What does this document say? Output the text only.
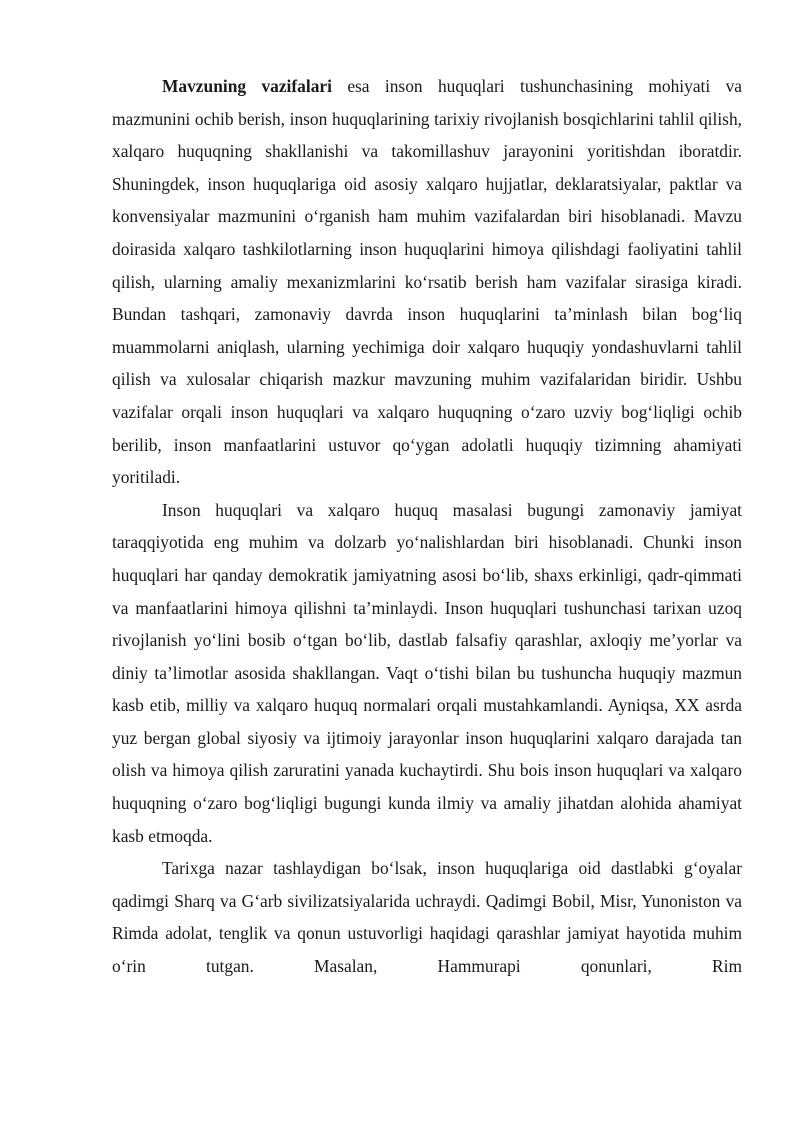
Mavzuning vazifalari esa inson huquqlari tushunchasining mohiyati va mazmunini ochib berish, inson huquqlarining tarixiy rivojlanish bosqichlarini tahlil qilish, xalqaro huquqning shakllanishi va takomillashuv jarayonini yoritishdan iboratdir. Shuningdek, inson huquqlariga oid asosiy xalqaro hujjatlar, deklaratsiyalar, paktlar va konvensiyalar mazmunini o‘rganish ham muhim vazifalardan biri hisoblanadi. Mavzu doirasida xalqaro tashkilotlarning inson huquqlarini himoya qilishdagi faoliyatini tahlil qilish, ularning amaliy mexanizmlarini ko‘rsatib berish ham vazifalar sirasiga kiradi. Bundan tashqari, zamonaviy davrda inson huquqlarini ta’minlash bilan bog‘liq muammolarni aniqlash, ularning yechimiga doir xalqaro huquqiy yondashuvlarni tahlil qilish va xulosalar chiqarish mazkur mavzuning muhim vazifalaridan biridir. Ushbu vazifalar orqali inson huquqlari va xalqaro huquqning o‘zaro uzviy bog‘liqligi ochib berilib, inson manfaatlarini ustuvor qo‘ygan adolatli huquqiy tizimning ahamiyati yoritiladi.

Inson huquqlari va xalqaro huquq masalasi bugungi zamonaviy jamiyat taraqqiyotida eng muhim va dolzarb yo‘nalishlardan biri hisoblanadi. Chunki inson huquqlari har qanday demokratik jamiyatning asosi bo‘lib, shaxs erkinligi, qadr-qimmati va manfaatlarini himoya qilishni ta’minlaydi. Inson huquqlari tushunchasi tarixan uzoq rivojlanish yo‘lini bosib o‘tgan bo‘lib, dastlab falsafiy qarashlar, axloqiy me’yorlar va diniy ta’limotlar asosida shakllangan. Vaqt o‘tishi bilan bu tushuncha huquqiy mazmun kasb etib, milliy va xalqaro huquq normalari orqali mustahkamlandi. Ayniqsa, XX asrda yuz bergan global siyosiy va ijtimoiy jarayonlar inson huquqlarini xalqaro darajada tan olish va himoya qilish zaruratini yanada kuchaytirdi. Shu bois inson huquqlari va xalqaro huquqning o‘zaro bog‘liqligi bugungi kunda ilmiy va amaliy jihatdan alohida ahamiyat kasb etmoqda.

Tarixga nazar tashlaydigan bo‘lsak, inson huquqlariga oid dastlabki g‘oyalar qadimgi Sharq va G‘arb sivilizatsiyalarida uchraydi. Qadimgi Bobil, Misr, Yunoniston va Rimda adolat, tenglik va qonun ustuvorligi haqidagi qarashlar jamiyat hayotida muhim o‘rin tutgan. Masalan, Hammurapi qonunlari, Rim
